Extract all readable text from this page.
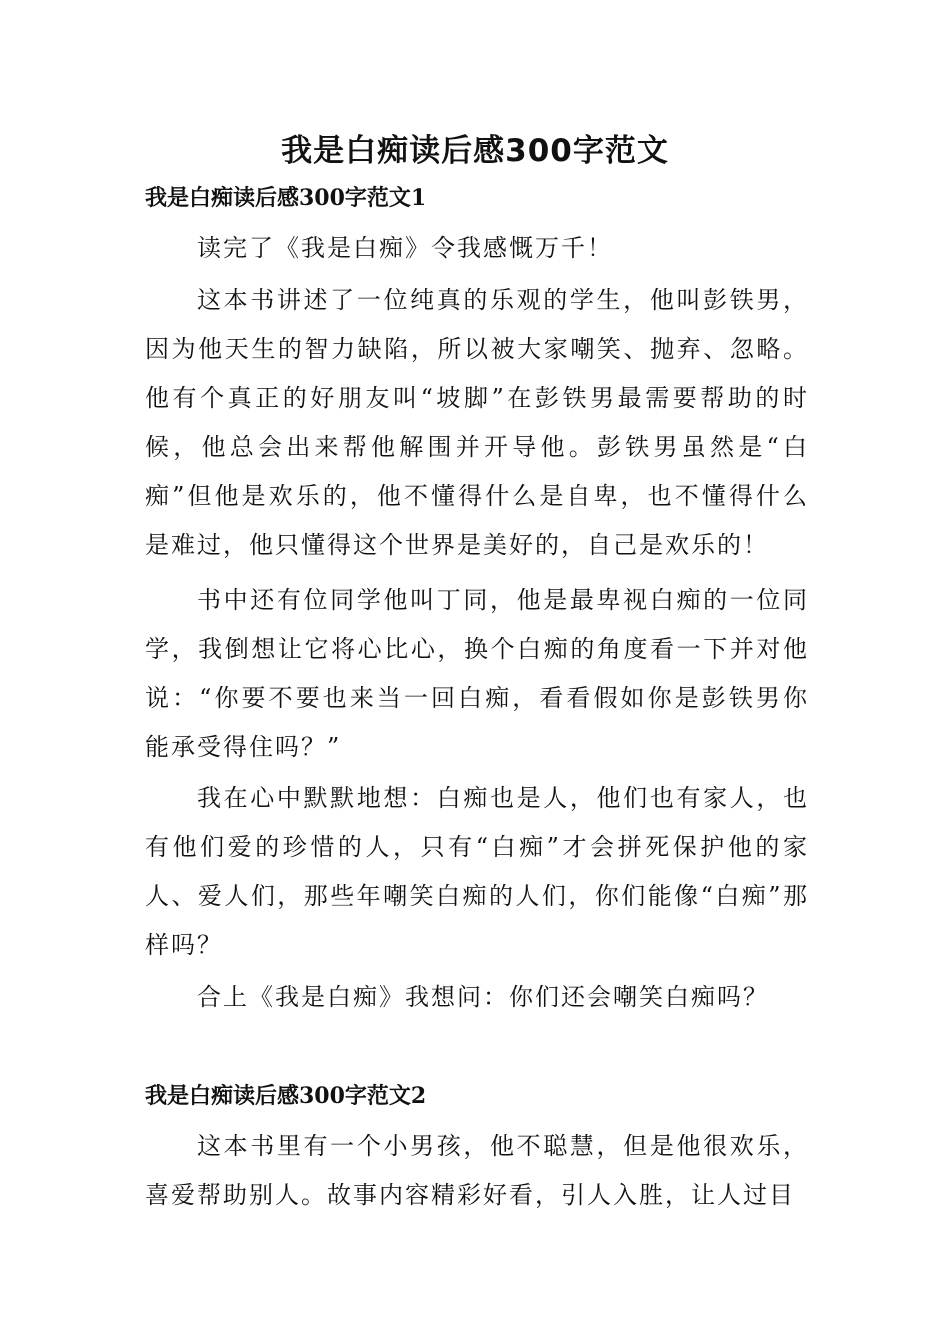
我是白痴读后感300字范文
我是白痴读后感300字范文1

读完了《我是白痴》令我感慨万千！

这本书讲述了一位纯真的乐观的学生，他叫彭铁男，因为他天生的智力缺陷，所以被大家嘲笑、抛弃、忽略。他有个真正的好朋友叫“坡脚”在彭铁男最需要帮助的时候，他总会出来帮他解围并开导他。彭铁男虽然是“白痴”但他是欢乐的，他不懂得什么是自卑，也不懂得什么是难过，他只懂得这个世界是美好的，自己是欢乐的！

书中还有位同学他叫丁同，他是最卑视白痴的一位同学，我倒想让它将心比心，换个白痴的角度看一下并对他说：“你要不要也来当一回白痴，看看假如你是彭铁男你能承受得住吗？”

我在心中默默地想：白痴也是人，他们也有家人，也有他们爱的珍惜的人，只有“白痴”才会拼死保护他的家人、爱人们，那些年嘲笑白痴的人们，你们能像“白痴”那样吗？

合上《我是白痴》我想问：你们还会嘲笑白痴吗？

我是白痴读后感300字范文2

这本书里有一个小男孩，他不聪慧，但是他很欢乐，喜爱帮助别人。故事内容精彩好看，引人入胜，让人过目
